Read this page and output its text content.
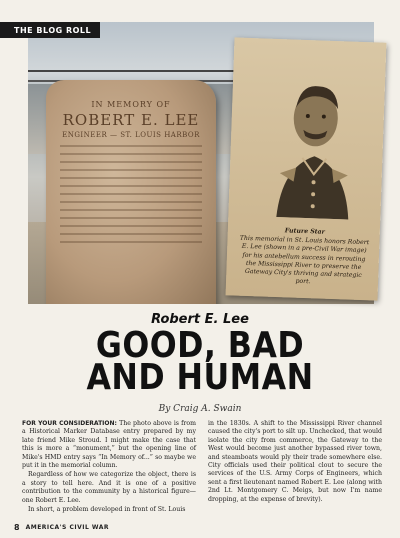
THE BLOG ROLL
IN MEMORY OF
ROBERT E. LEE
ENGINEER — ST. LOUIS HARBOR
Future Star
This memorial in St. Louis honors Robert E. Lee (shown in a pre-Civil War image) for his antebellum success in rerouting the Mississippi River to preserve the Gateway City's thriving and strategic port.
Robert E. Lee
GOOD, BAD
AND HUMAN
By Craig A. Swain

FOR YOUR CONSIDERATION: The photo above is from a Historical Marker Database entry prepared by my late friend Mike Stroud. I might make the case that this is more a “monument,” but the opening line of Mike's HMD entry says “In Memory of...” so maybe we put it in the memorial column.

Regardless of how we categorize the object, there is a story to tell here. And it is one of a positive contribution to the community by a historical figure—one Robert E. Lee.

In short, a problem developed in front of St. Louis

in the 1830s. A shift to the Mississippi River channel caused the city's port to silt up. Unchecked, that would isolate the city from commerce, the Gateway to the West would become just another bypassed river town, and steamboats would ply their trade somewhere else. City officials used their political clout to secure the services of the U.S. Army Corps of Engineers, which sent a first lieutenant named Robert E. Lee (along with 2nd Lt. Montgomery C. Meigs, but now I'm name dropping, at the expense of brevity).

8 AMERICA'S CIVIL WAR
